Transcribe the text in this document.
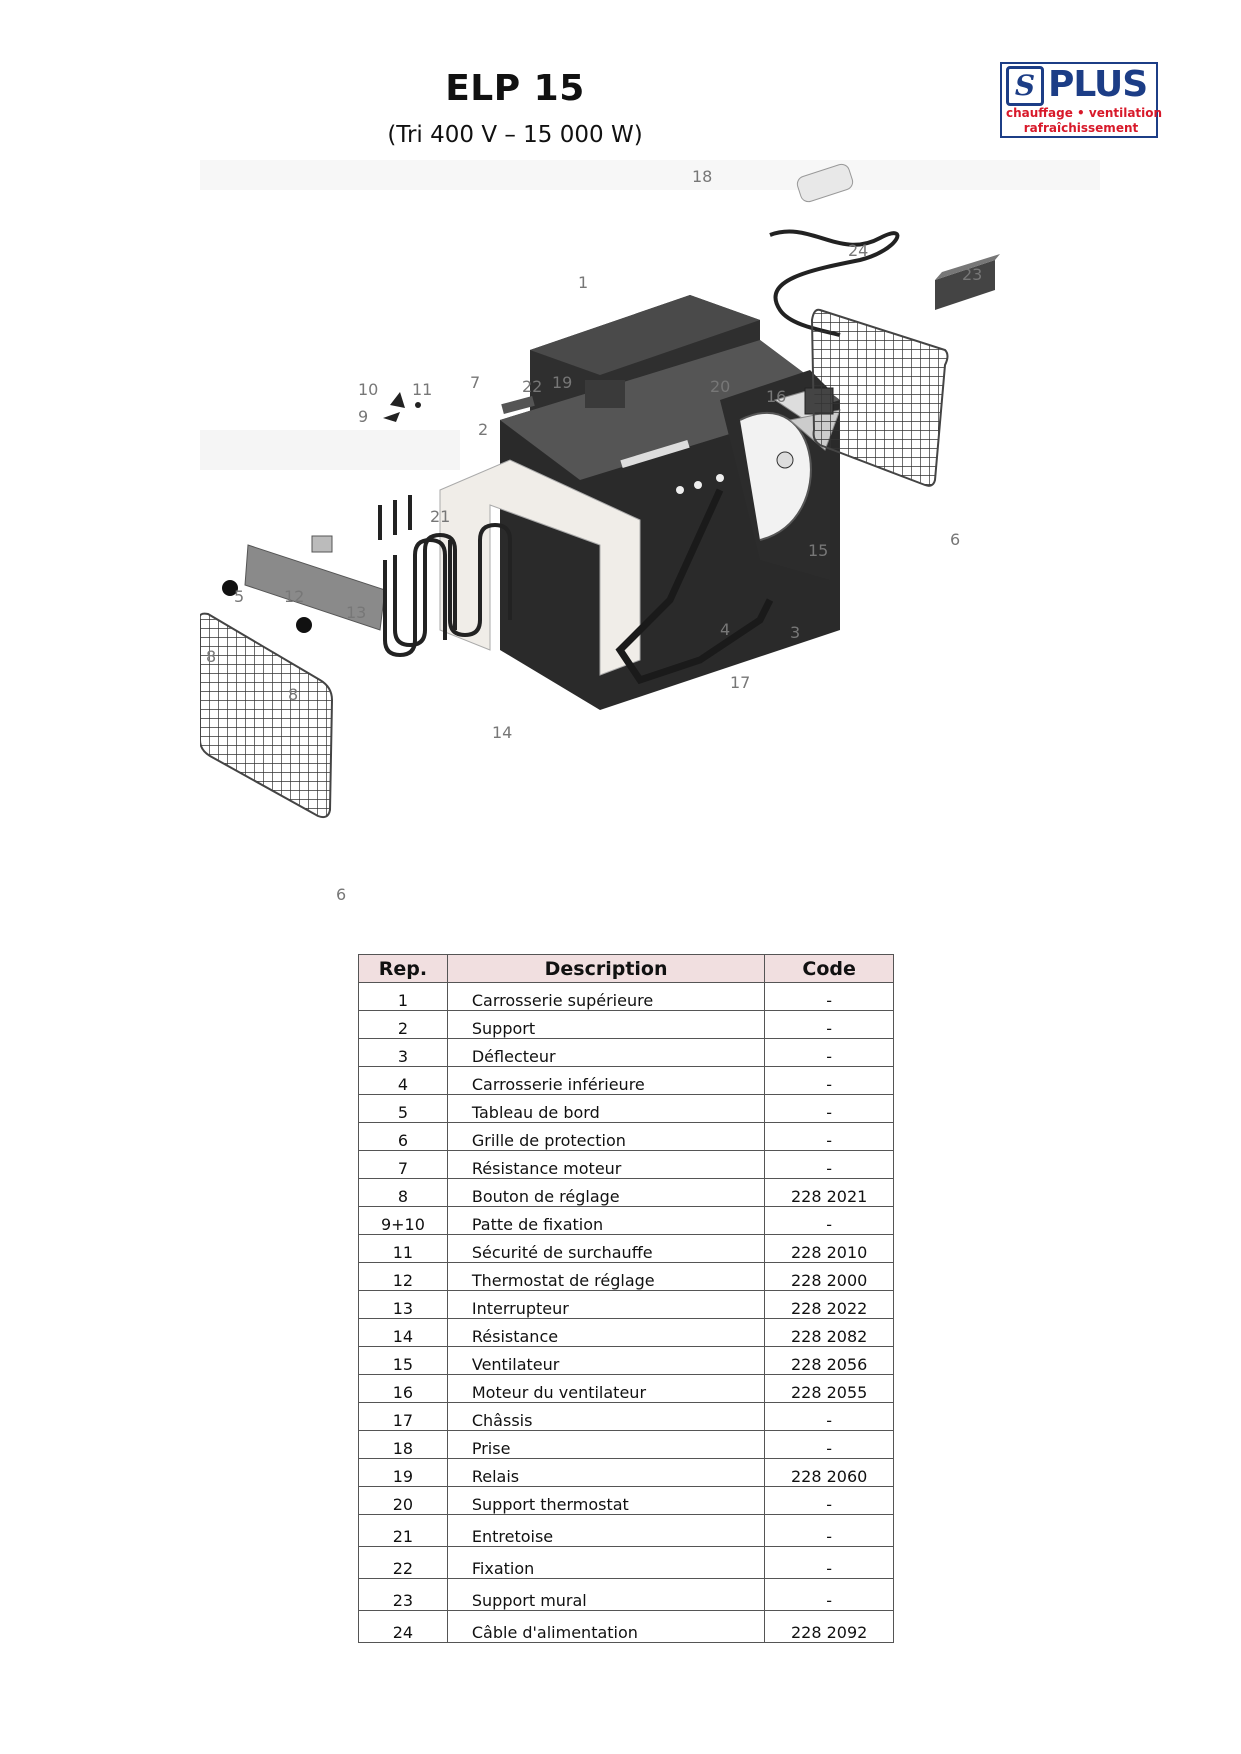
ELP 15
(Tri 400 V – 15 000 W)
S PLUS
chauffage • ventilation
rafraîchissement
1
2
3
4
5
6
6
7
8
8
9
10 11
12
13
14
15
16
17
18
19	20
21
22
23
24
Rep.	Description	Code
1	Carrosserie supérieure	-
2	Support	-
3	Déflecteur	-
4	Carrosserie inférieure	-
5	Tableau de bord	-
6	Grille de protection	-
7	Résistance moteur	-
8	Bouton de réglage	228 2021
9+10	Patte de fixation	-
11	Sécurité de surchauffe	228 2010
12	Thermostat de réglage	228 2000
13	Interrupteur	228 2022
14	Résistance	228 2082
15	Ventilateur	228 2056
16	Moteur du ventilateur	228 2055
17	Châssis	-
18	Prise	-
19	Relais	228 2060
20	Support thermostat	-
21	Entretoise	-
22	Fixation	-
23	Support mural	-
24	Câble d'alimentation	228 2092
